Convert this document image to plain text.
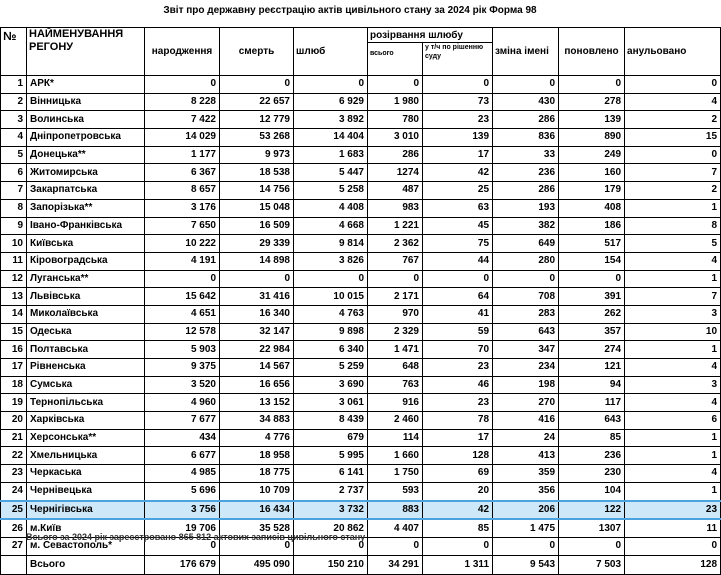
Звіт про державну реєстрацію актів цивільного стану за 2024 рік Форма 98
№	НАЙМЕНУВАННЯ РЕГОНУ	народження	смерть	шлюб	розірвання шлюбу		зміна імені	поновлено	анульовано
					всього	у т/ч по рішенню суду			
1	АРК*	0	0	0	0	0	0	0	0
2	Вінницька	8 228	22 657	6 929	1 980	73	430	278	4
3	Волинська	7 422	12 779	3 892	780	23	286	139	2
4	Дніпропетровська	14 029	53 268	14 404	3 010	139	836	890	15
5	Донецька**	1 177	9 973	1 683	286	17	33	249	0
6	Житомирська	6 367	18 538	5 447	1274	42	236	160	7
7	Закарпатська	8 657	14 756	5 258	487	25	286	179	2
8	Запорізька**	3 176	15 048	4 408	983	63	193	408	1
9	Івано-Франківська	7 650	16 509	4 668	1 221	45	382	186	8
10	Київська	10 222	29 339	9 814	2 362	75	649	517	5
11	Кіровоградська	4 191	14 898	3 826	767	44	280	154	4
12	Луганська**	0	0	0	0	0	0	0	1
13	Львівська	15 642	31 416	10 015	2 171	64	708	391	7
14	Миколаївська	4 651	16 340	4 763	970	41	283	262	3
15	Одеська	12 578	32 147	9 898	2 329	59	643	357	10
16	Полтавська	5 903	22 984	6 340	1 471	70	347	274	1
17	Рівненська	9 375	14 567	5 259	648	23	234	121	4
18	Сумська	3 520	16 656	3 690	763	46	198	94	3
19	Тернопільська	4 960	13 152	3 061	916	23	270	117	4
20	Харківська	7 677	34 883	8 439	2 460	78	416	643	6
21	Херсонська**	434	4 776	679	114	17	24	85	1
22	Хмельницька	6 677	18 958	5 995	1 660	128	413	236	1
23	Черкаська	4 985	18 775	6 141	1 750	69	359	230	4
24	Чернівецька	5 696	10 709	2 737	593	20	356	104	1
25	Чернігівська	3 756	16 434	3 732	883	42	206	122	23
26	м.Київ	19 706	35 528	20 862	4 407	85	1 475	1307	11
27	м. Севастополь*	0	0	0	0	0	0	0	0
	Всього	176 679	495 090	150 210	34 291	1 311	9 543	7 503	128
Всього за 2024 рік зареєстровано 865 812 актових записів цивільного стану
